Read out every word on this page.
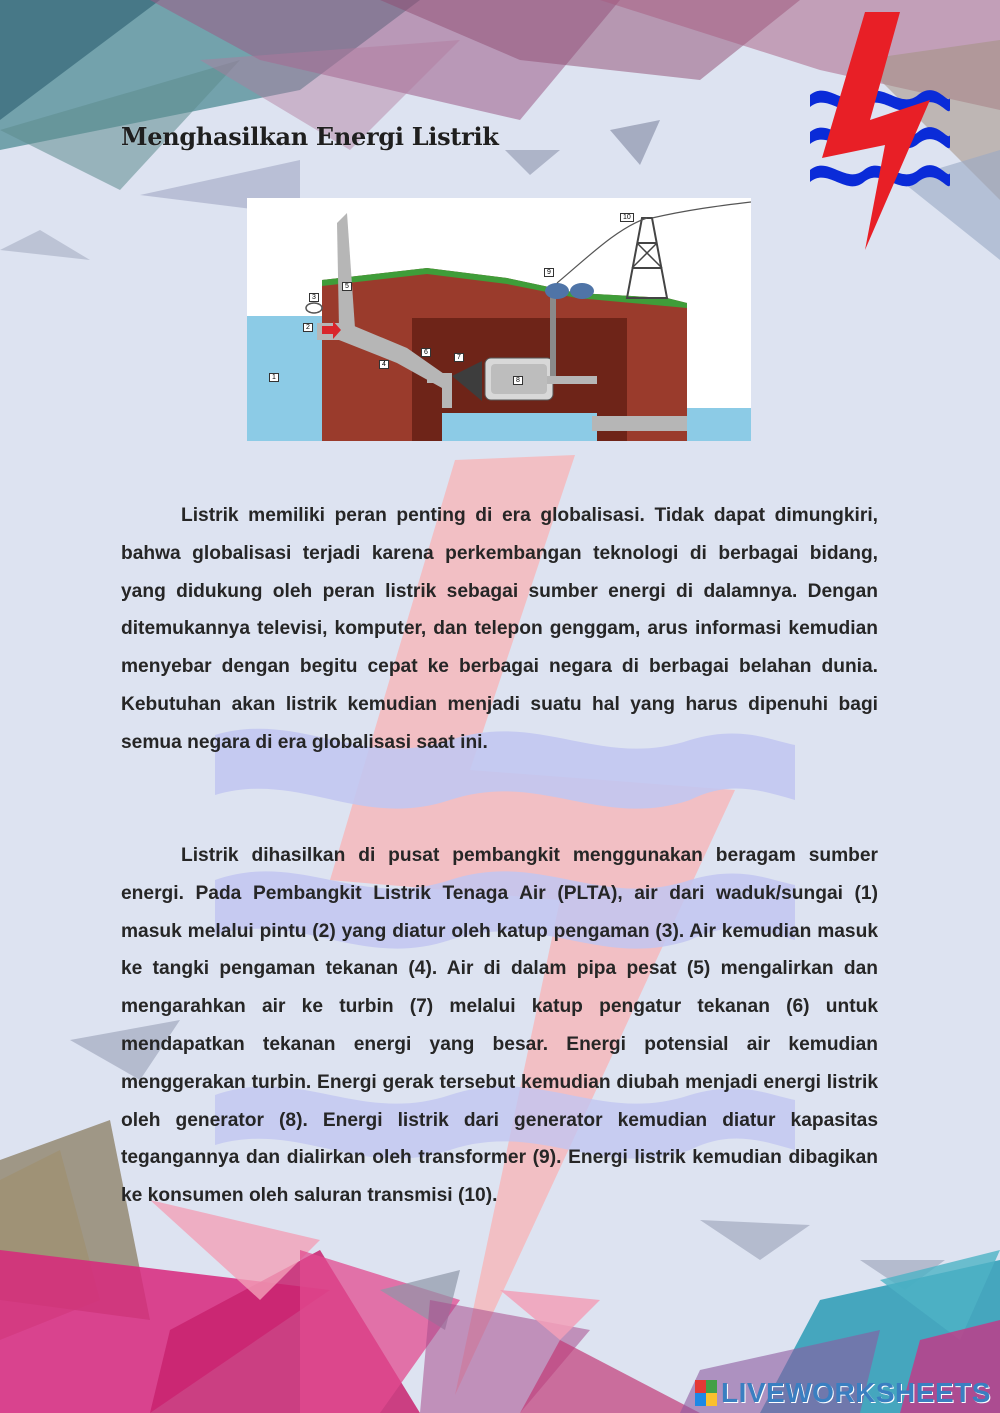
Menghasilkan Energi Listrik
1
2
3
4
5
6
7
8
9
10

Listrik memiliki peran penting di era globalisasi. Tidak dapat dimungkiri, bahwa globalisasi terjadi karena perkembangan teknologi di berbagai bidang, yang didukung oleh peran listrik sebagai sumber energi di dalamnya. Dengan ditemukannya televisi, komputer, dan telepon genggam, arus informasi kemudian menyebar dengan begitu cepat ke berbagai negara di berbagai belahan dunia. Kebutuhan akan listrik kemudian menjadi suatu hal yang harus dipenuhi bagi semua negara di era globalisasi saat ini.

Listrik dihasilkan di pusat pembangkit menggunakan beragam sumber energi. Pada Pembangkit Listrik Tenaga Air (PLTA), air dari waduk/sungai (1) masuk melalui pintu (2) yang diatur oleh katup pengaman (3). Air kemudian masuk ke tangki pengaman tekanan (4). Air di dalam pipa pesat (5) mengalirkan dan mengarahkan air ke turbin (7) melalui katup pengatur tekanan (6) untuk mendapatkan tekanan energi yang besar. Energi potensial air kemudian menggerakan turbin. Energi gerak tersebut kemudian diubah menjadi energi listrik oleh generator (8). Energi listrik dari generator kemudian diatur kapasitas tegangannya dan dialirkan oleh transformer (9). Energi listrik kemudian dibagikan ke konsumen oleh saluran transmisi (10).

LIVEWORKSHEETS
